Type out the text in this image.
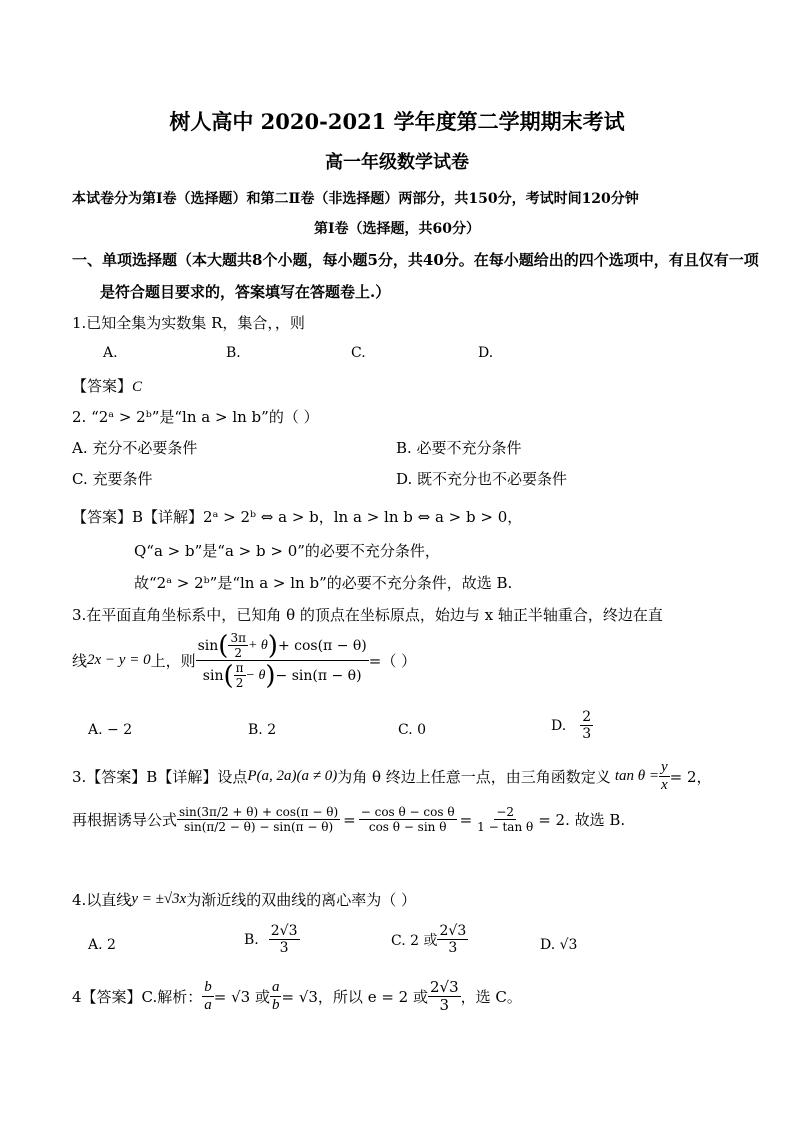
树人高中 2020-2021 学年度第二学期期末考试
高一年级数学试卷
本试卷分为第Ⅰ卷（选择题）和第二Ⅱ卷（非选择题）两部分，共150分，考试时间120分钟
第Ⅰ卷（选择题，共60分）
一、单项选择题（本大题共8个小题，每小题5分，共40分。在每小题给出的四个选项中，有且仅有一项
是符合题目要求的，答案填写在答题卷上.）
1.已知全集为实数集 R，集合，，则
A.	B.	C.	D.
【答案】C
2. “2ᵃ > 2ᵇ”是“ln a > ln b”的（ ）
A. 充分不必要条件	B. 必要不充分条件
C. 充要条件	D. 既不充分也不必要条件
【答案】B【详解】2ᵃ > 2ᵇ ⇔ a > b，ln a > ln b ⇔ a > b > 0，
Q“a > b”是“a > b > 0”的必要不充分条件，
故“2ᵃ > 2ᵇ”是“ln a > ln b”的必要不充分条件，故选 B.
3.在平面直角坐标系中，已知角 θ 的顶点在坐标原点，始边与 x 轴正半轴重合，终边在直
线 2x − y = 0 上，则
sin ( $\frac{3\pi}{2} + \theta$ ) + cos(π − θ)
sin ( $\frac{\pi}{2} - \theta$ ) − sin(π − θ)
=（ ）
A. − 2	B. 2	C. 0	D. $\frac{2}{3}$
3.【答案】B【详解】设点 P(a, 2a)(a ≠ 0) 为角 θ 终边上任意一点，由三角函数定义 $\tan \theta = \frac{y}{x} = 2$，
再根据诱导公式 $\frac{\sin(3\pi/2 + \theta) + \cos(\pi - \theta)}{\sin(\pi/2 - \theta) - \sin(\pi - \theta)} = \frac{\text{− cos θ − cos θ}}{\text{cos θ − sin θ}} = \frac{-2}{\text{1 − tan θ}} = 2$. 故选 B.
4.以直线 y = ±√3x 为渐近线的双曲线的离心率为（ ）
A. 2	B. $\frac{2√3}{3}$	C. 2 或 $\frac{2√3}{3}$	D. √3
4【答案】C.解析： $\frac{b}{a} = √3$ 或 $\frac{a}{b} = √3$，所以 e = 2 或 $\frac{2√3}{3}$ ，选 C。
